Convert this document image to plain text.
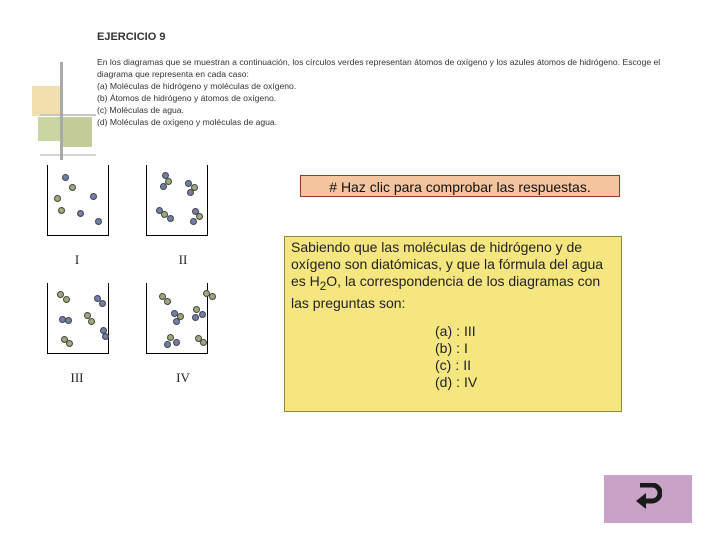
EJERCICIO 9
En los diagramas que se muestran a continuación, los círculos verdes representan átomos de oxígeno y los azules átomos de hidrógeno. Escoge el diagrama que representa en cada caso:
(a) Moléculas de hidrógeno y moléculas de oxígeno.
(b) Átomos de hidrógeno y átomos de oxígeno.
(c) Moléculas de agua.
(d) Moléculas de oxígeno y moléculas de agua.
I	II
III	IV
# Haz clic para comprobar las respuestas.
Sabiendo que las moléculas de hidrógeno y de oxígeno son diatómicas, y que la fórmula del agua es $H_2O$, la correspondencia de los diagramas con las preguntas son:
(a) : III
(b) : I
(c) : II
(d) : IV
